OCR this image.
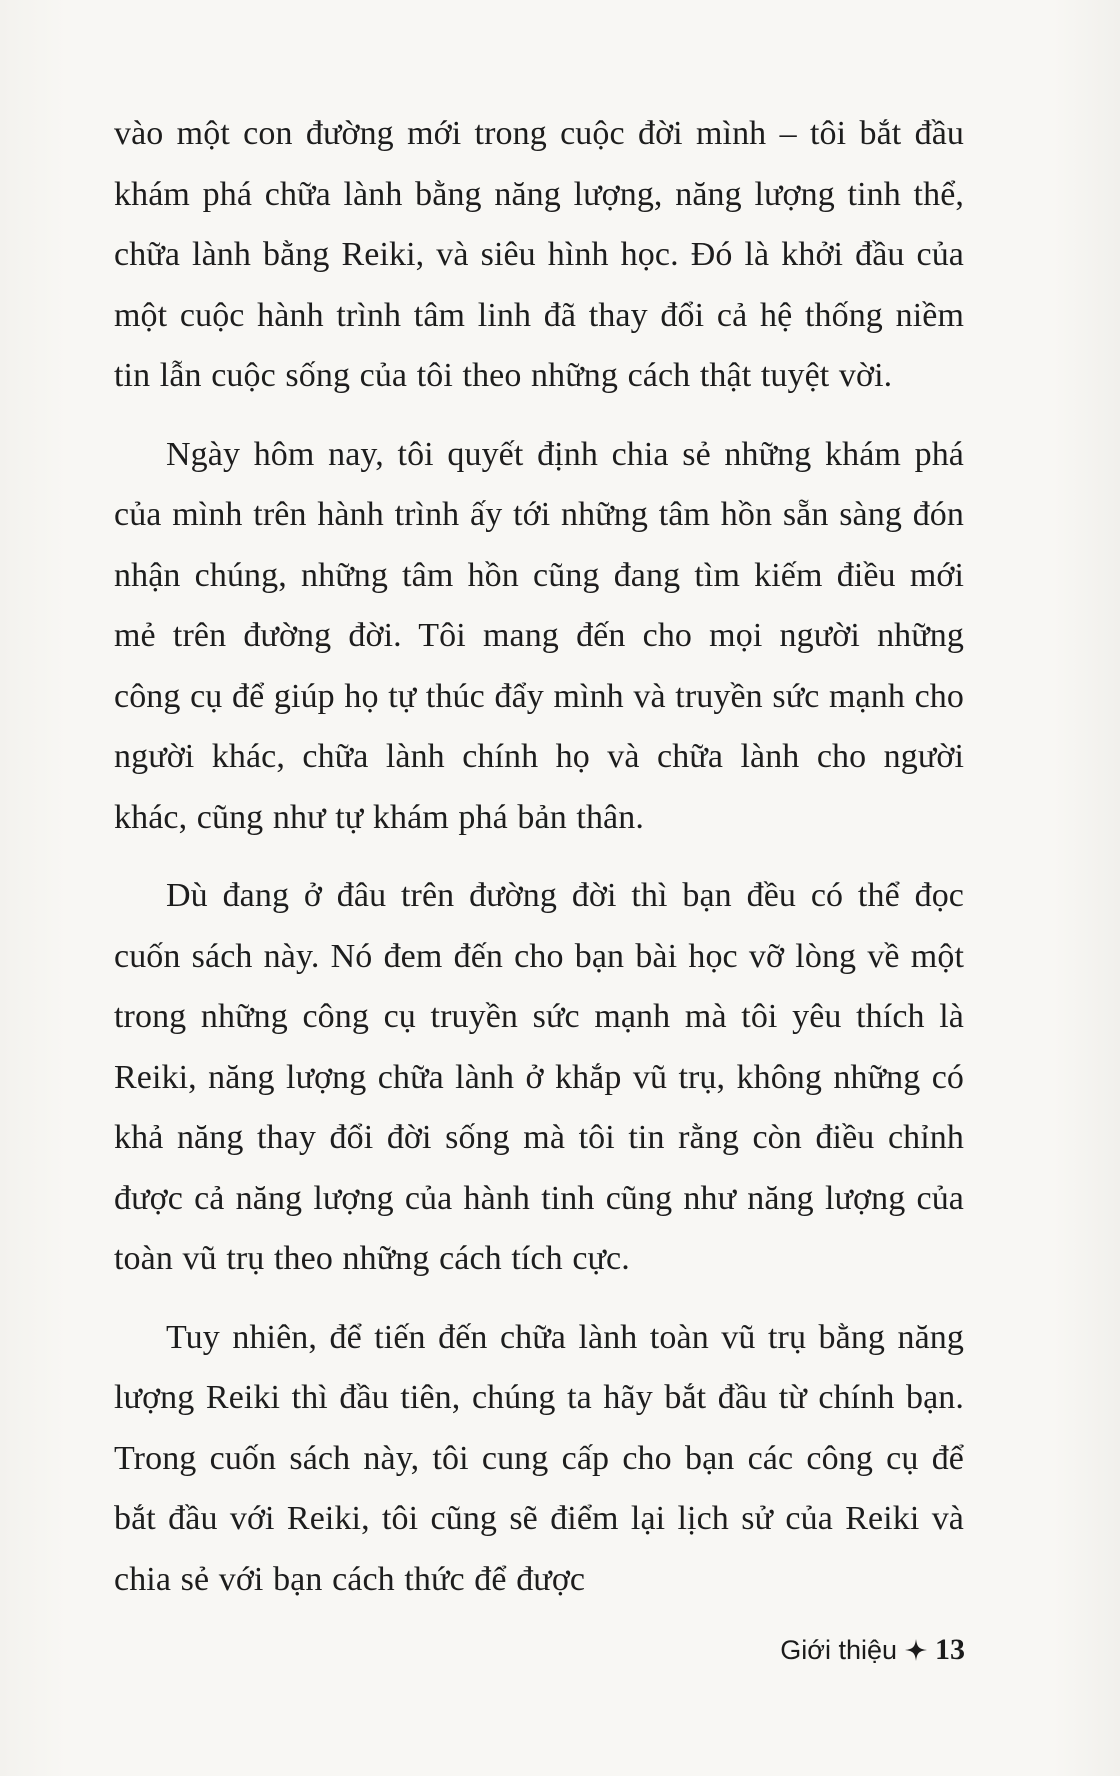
vào một con đường mới trong cuộc đời mình – tôi bắt đầu khám phá chữa lành bằng năng lượng, năng lượng tinh thể, chữa lành bằng Reiki, và siêu hình học. Đó là khởi đầu của một cuộc hành trình tâm linh đã thay đổi cả hệ thống niềm tin lẫn cuộc sống của tôi theo những cách thật tuyệt vời.

Ngày hôm nay, tôi quyết định chia sẻ những khám phá của mình trên hành trình ấy tới những tâm hồn sẵn sàng đón nhận chúng, những tâm hồn cũng đang tìm kiếm điều mới mẻ trên đường đời. Tôi mang đến cho mọi người những công cụ để giúp họ tự thúc đẩy mình và truyền sức mạnh cho người khác, chữa lành chính họ và chữa lành cho người khác, cũng như tự khám phá bản thân.

Dù đang ở đâu trên đường đời thì bạn đều có thể đọc cuốn sách này. Nó đem đến cho bạn bài học vỡ lòng về một trong những công cụ truyền sức mạnh mà tôi yêu thích là Reiki, năng lượng chữa lành ở khắp vũ trụ, không những có khả năng thay đổi đời sống mà tôi tin rằng còn điều chỉnh được cả năng lượng của hành tinh cũng như năng lượng của toàn vũ trụ theo những cách tích cực.

Tuy nhiên, để tiến đến chữa lành toàn vũ trụ bằng năng lượng Reiki thì đầu tiên, chúng ta hãy bắt đầu từ chính bạn. Trong cuốn sách này, tôi cung cấp cho bạn các công cụ để bắt đầu với Reiki, tôi cũng sẽ điểm lại lịch sử của Reiki và chia sẻ với bạn cách thức để được

Giới thiệu 13
